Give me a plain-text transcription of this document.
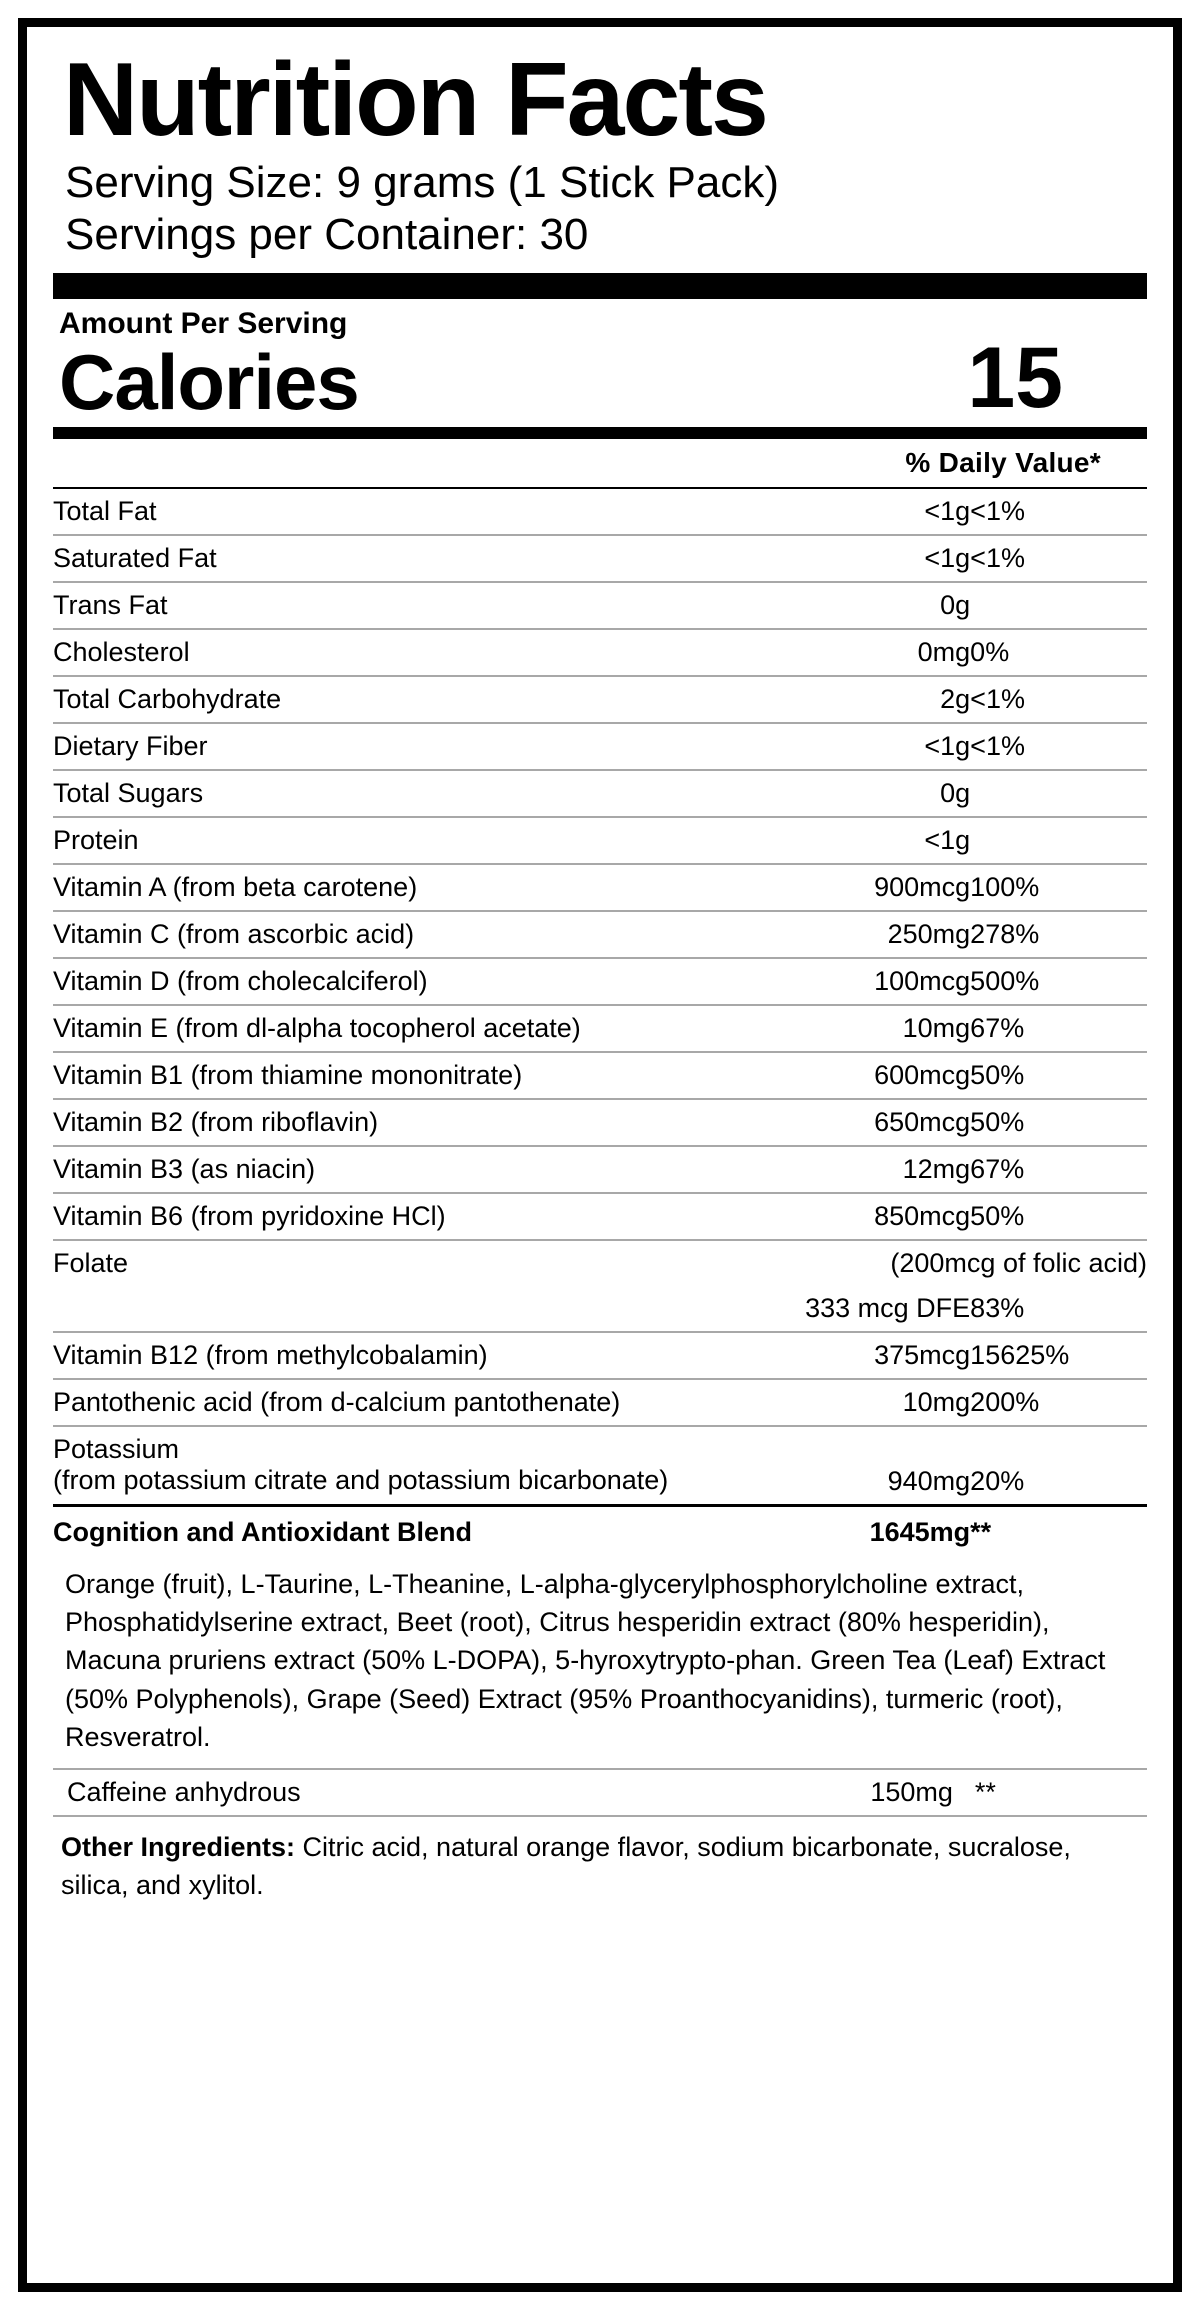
Nutrition Facts
Serving Size: 9 grams (1 Stick Pack)
Servings per Container: 30
Amount Per Serving
Calories	15
% Daily Value*
Total Fat	<1g	<1%
Saturated Fat	<1g	<1%
Trans Fat	0g	
Cholesterol	0mg	0%
Total Carbohydrate	2g	<1%
Dietary Fiber	<1g	<1%
Total Sugars	0g	
Protein	<1g	
Vitamin A (from beta carotene)	900mcg	100%
Vitamin C (from ascorbic acid)	250mg	278%
Vitamin D (from cholecalciferol)	100mcg	500%
Vitamin E (from dl-alpha tocopherol acetate)	10mg	67%
Vitamin B1 (from thiamine mononitrate)	600mcg	50%
Vitamin B2 (from riboflavin)	650mcg	50%
Vitamin B3 (as niacin)	12mg	67%
Vitamin B6 (from pyridoxine HCl)	850mcg	50%
Folate	(200mcg of folic acid)	
	333 mcg DFE	83%
Vitamin B12 (from methylcobalamin)	375mcg	15625%
Pantothenic acid (from d-calcium pantothenate)	10mg	200%

Potassium
(from potassium citrate and potassium bicarbonate)	940mg	20%
Cognition and Antioxidant Blend	1645mg	**
Orange (fruit), L-Taurine, L-Theanine, L-alpha-glycerylphosphorylcholine extract, Phosphatidylserine extract, Beet (root), Citrus hesperidin extract (80% hesperidin), Macuna pruriens extract (50% L-DOPA), 5-hyroxytrypto-phan. Green Tea (Leaf) Extract (50% Polyphenols), Grape (Seed) Extract (95% Proanthocyanidins), turmeric (root), Resveratrol.
Caffeine anhydrous	150mg	**
Other Ingredients: Citric acid, natural orange flavor, sodium bicarbonate, sucralose, silica, and xylitol.
